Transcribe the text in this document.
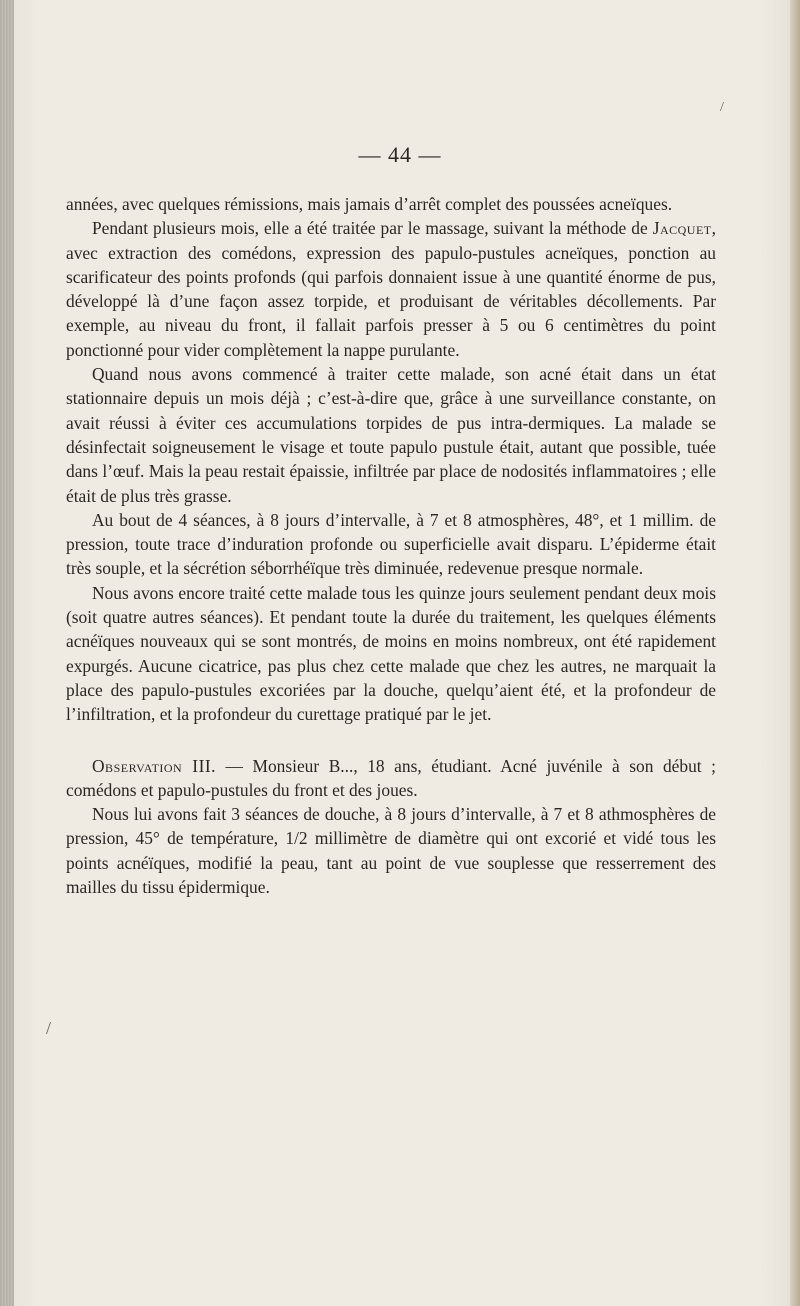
— 44 —

années, avec quelques rémissions, mais jamais d’arrêt complet des poussées acneïques.

Pendant plusieurs mois, elle a été traitée par le massage, suivant la méthode de Jacquet, avec extraction des comédons, expression des papulo-pustules acneïques, ponction au scarificateur des points profonds (qui parfois donnaient issue à une quantité énorme de pus, développé là d’une façon assez torpide, et produisant de véritables décollements. Par exemple, au niveau du front, il fallait parfois presser à 5 ou 6 centimètres du point ponctionné pour vider complètement la nappe purulante.

Quand nous avons commencé à traiter cette malade, son acné était dans un état stationnaire depuis un mois déjà ; c’est-à-dire que, grâce à une surveillance constante, on avait réussi à éviter ces accumulations torpides de pus intra-dermiques. La malade se désinfectait soigneusement le visage et toute papulo pustule était, autant que possible, tuée dans l’œuf. Mais la peau restait épaissie, infiltrée par place de nodosités inflammatoires ; elle était de plus très grasse.

Au bout de 4 séances, à 8 jours d’intervalle, à 7 et 8 atmosphères, 48°, et 1 millim. de pression, toute trace d’induration profonde ou superficielle avait disparu. L’épiderme était très souple, et la sécrétion séborrhéïque très diminuée, redevenue presque normale.

Nous avons encore traité cette malade tous les quinze jours seulement pendant deux mois (soit quatre autres séances). Et pendant toute la durée du traitement, les quelques éléments acnéïques nouveaux qui se sont montrés, de moins en moins nombreux, ont été rapidement expurgés. Aucune cicatrice, pas plus chez cette malade que chez les autres, ne marquait la place des papulo-pustules excoriées par la douche, quelqu’aient été, et la profondeur de l’infiltration, et la profondeur du curettage pratiqué par le jet.

Observation III. — Monsieur B..., 18 ans, étudiant. Acné juvénile à son début ; comédons et papulo-pustules du front et des joues.

Nous lui avons fait 3 séances de douche, à 8 jours d’intervalle, à 7 et 8 athmosphères de pression, 45° de température, 1/2 millimètre de diamètre qui ont excorié et vidé tous les points acnéïques, modifié la peau, tant au point de vue souplesse que resserrement des mailles du tissu épidermique.

/
/
